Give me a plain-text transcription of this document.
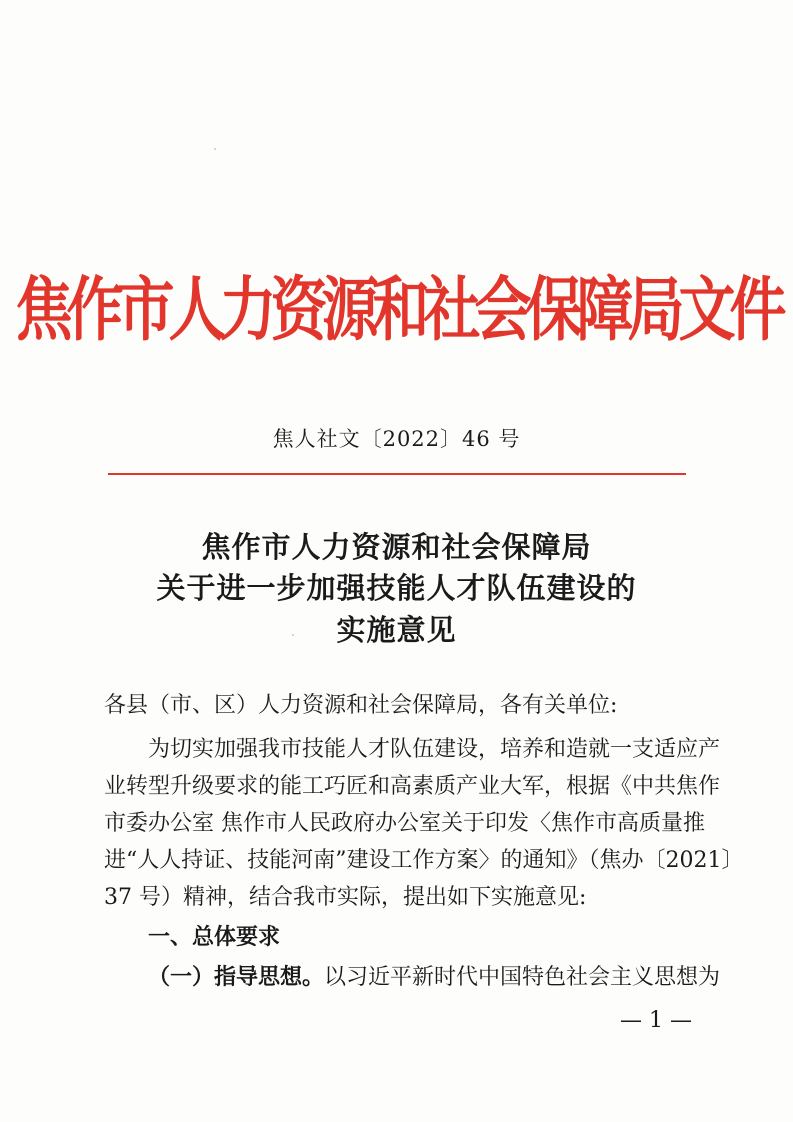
焦作市人力资源和社会保障局文件
焦人社文〔2022〕46 号
焦作市人力资源和社会保障局
关于进一步加强技能人才队伍建设的
实施意见
各县（市、区）人力资源和社会保障局，各有关单位:
为切实加强我市技能人才队伍建设，培养和造就一支适应产
业转型升级要求的能工巧匠和高素质产业大军，根据《中共焦作
市委办公室 焦作市人民政府办公室关于印发〈焦作市高质量推
进“人人持证、技能河南”建设工作方案〉的通知》（焦办〔2021〕
37 号）精神，结合我市实际，提出如下实施意见:
一、总体要求
（一）指导思想。以习近平新时代中国特色社会主义思想为
— 1 —
